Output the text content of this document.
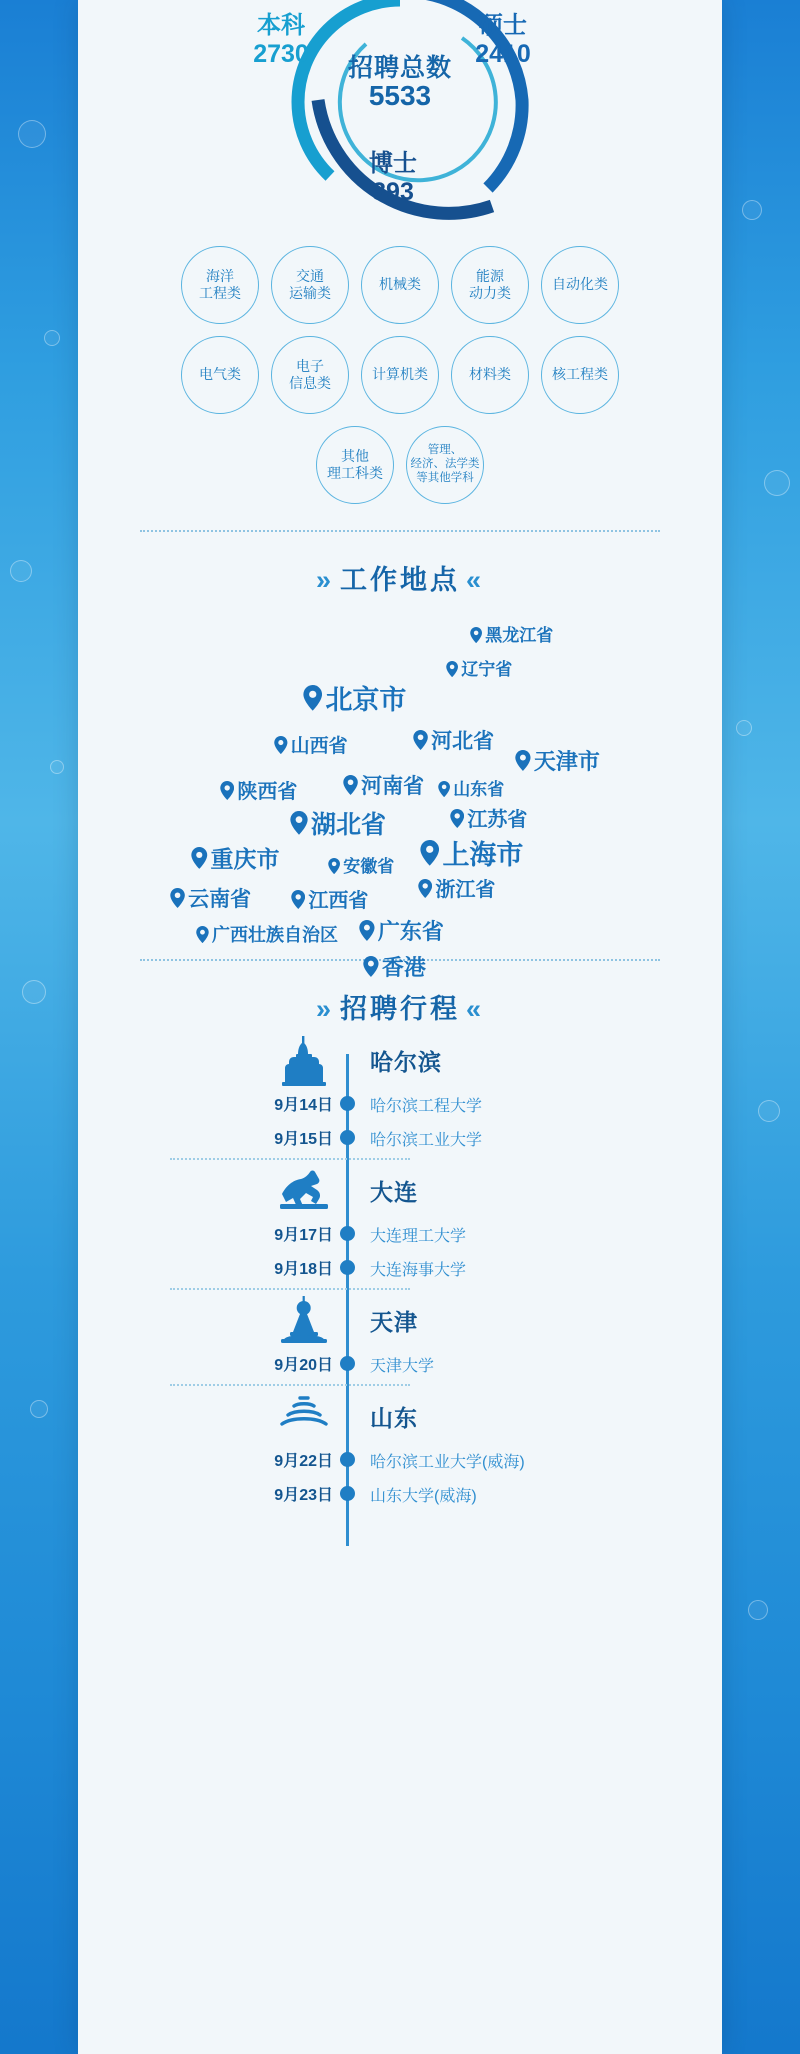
招聘总数
5533
本科
2730
硕士
2410
博士
393
海洋
工程类
交通
运输类
机械类
能源
动力类
自动化类
电气类
电子
信息类
计算机类	材料类	核工程类
其他
理工科类
管理、
经济、法学类
等其他学科
» 工作地点 «
黑龙江省
辽宁省
北京市
山西省	河北省
天津市
陕西省	河南省	山东省
江苏省
湖北省
上海市
重庆市	安徽省
浙江省
云南省	江西省
广西壮族自治区	广东省
香港
» 招聘行程 «
哈尔滨
9月14日 哈尔滨工程大学
9月15日 哈尔滨工业大学
大连
9月17日 大连理工大学
9月18日 大连海事大学
天津
9月20日 天津大学
山东
9月22日 哈尔滨工业大学(威海)
9月23日 山东大学(威海)
